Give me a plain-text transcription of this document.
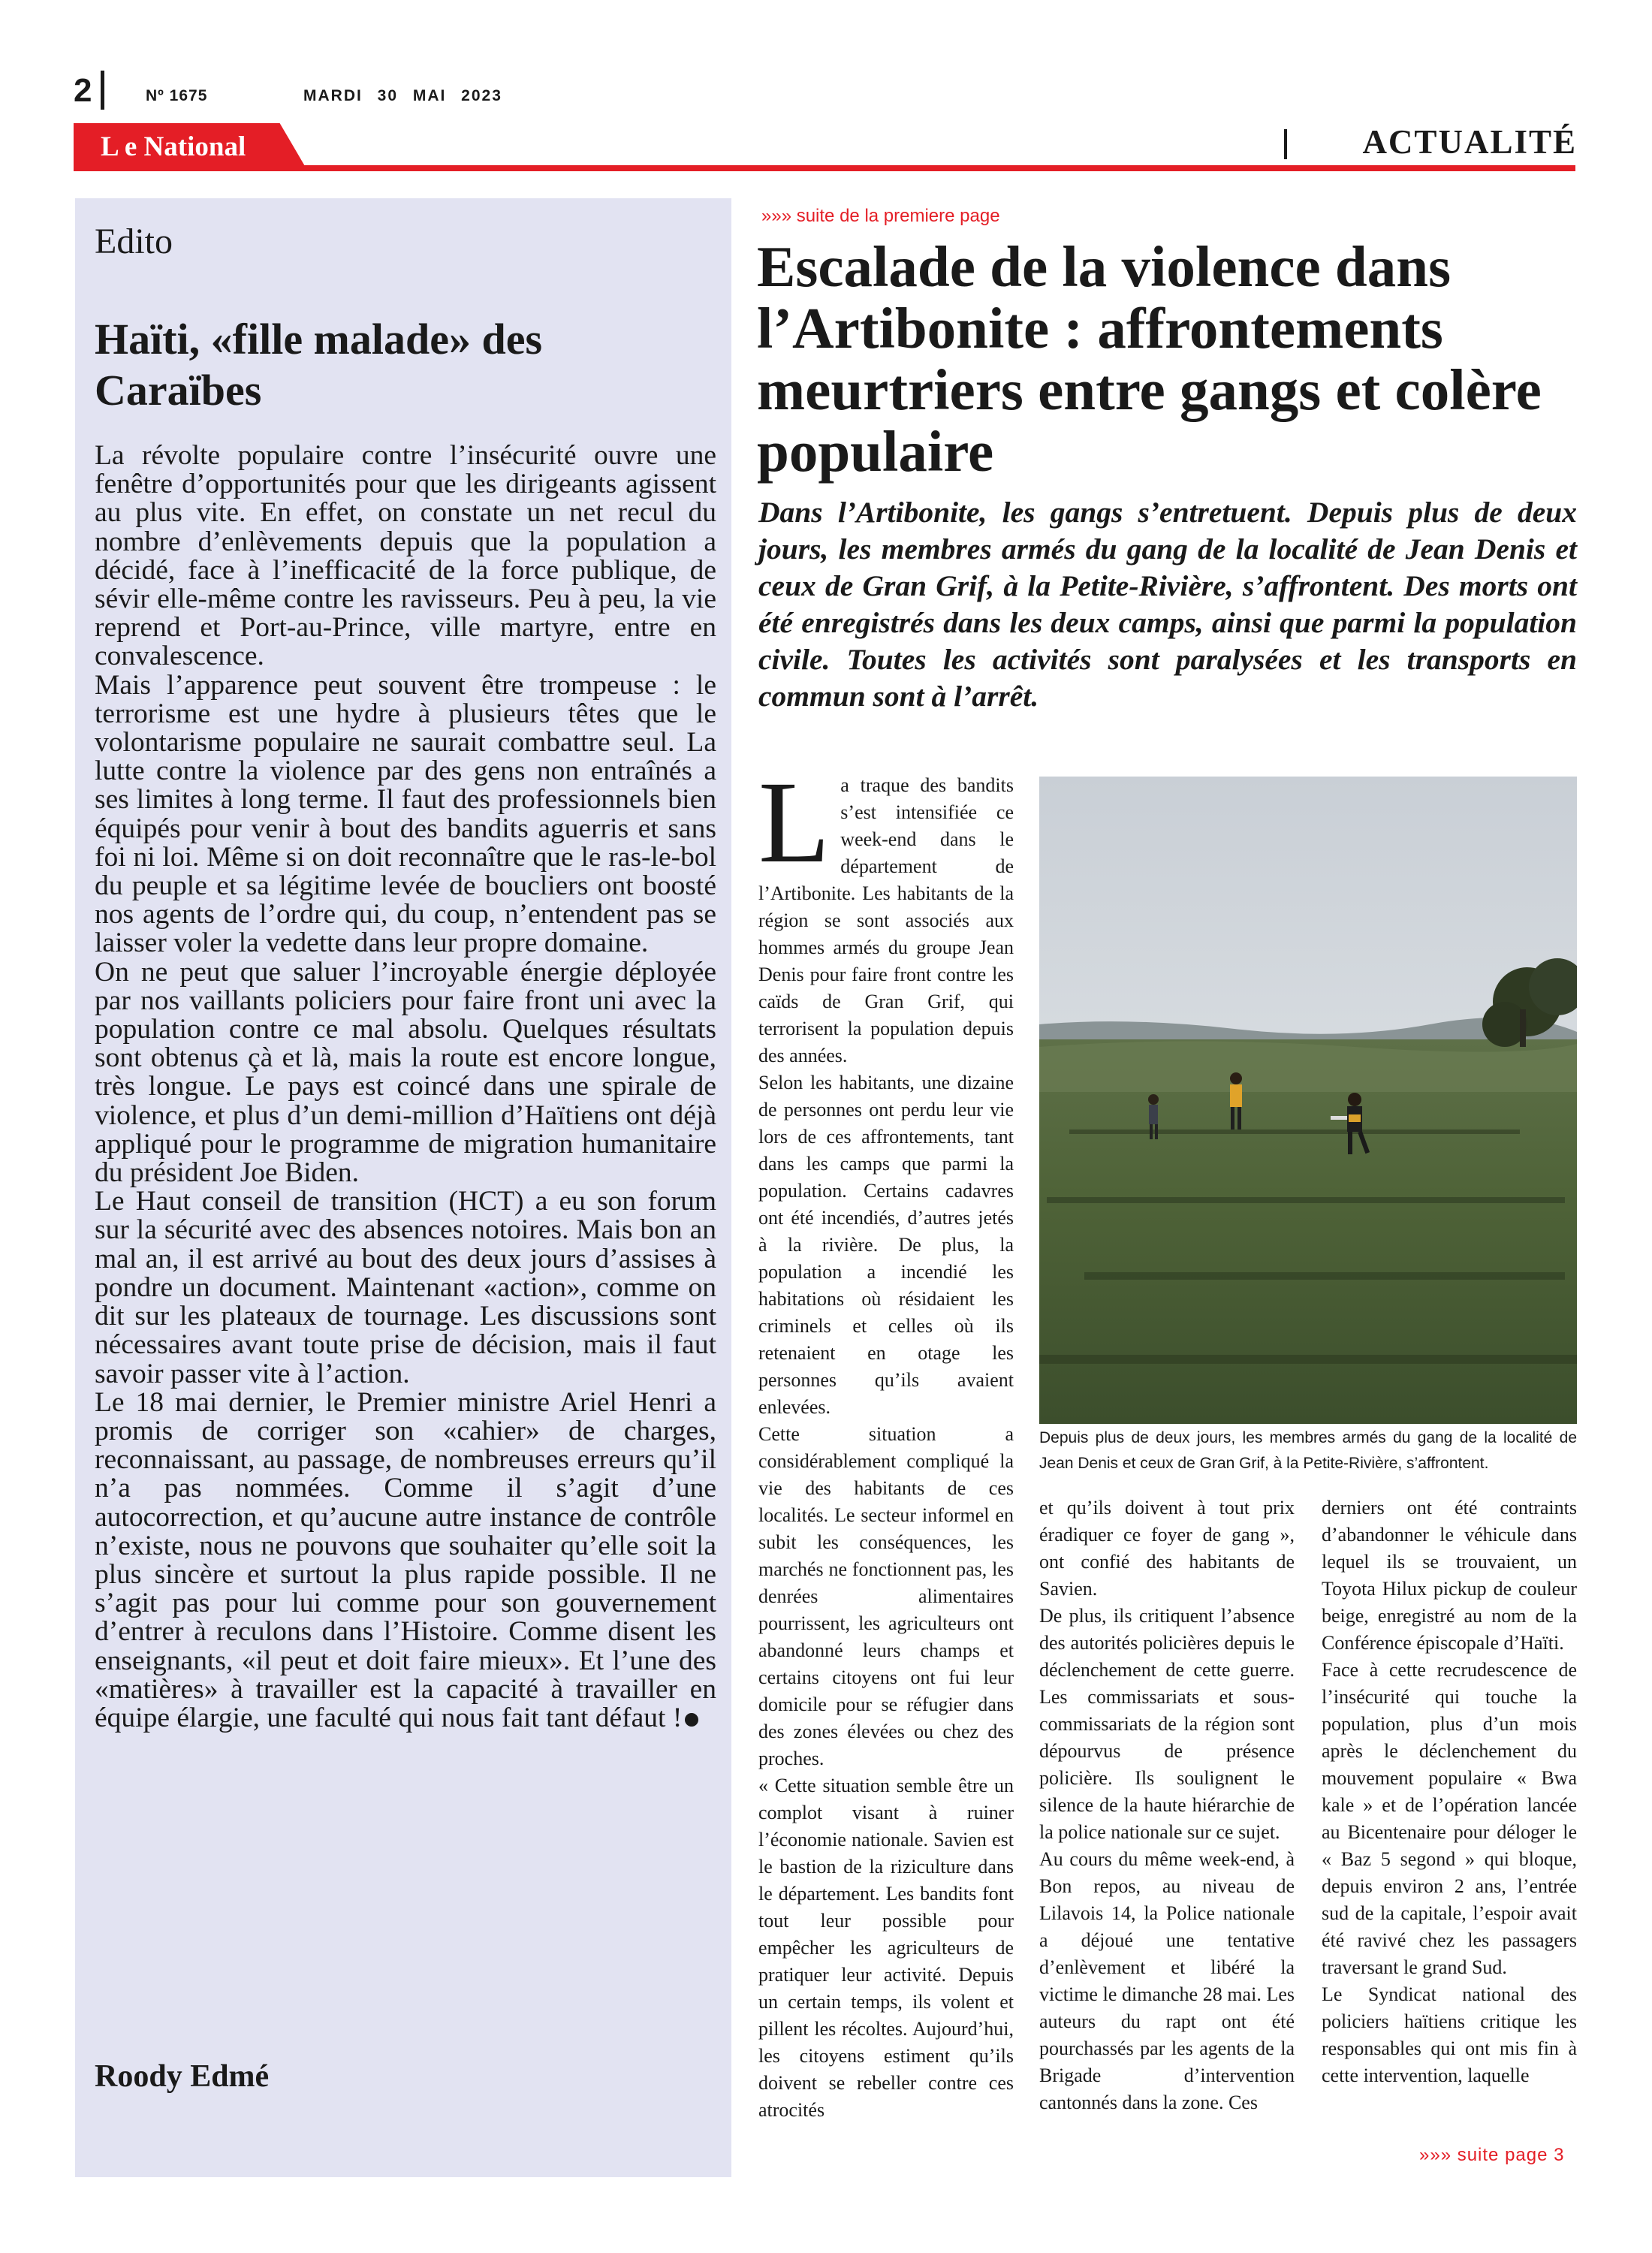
2	Nº 1675	MARDI 30 MAI 2023
L e National	ACTUALITÉ
Edito
Haïti, «fille malade» des Caraïbes

La révolte populaire contre l’insécurité ouvre une fenêtre d’opportunités pour que les dirigeants agissent au plus vite. En effet, on constate un net recul du nombre d’enlèvements depuis que la population a décidé, face à l’inefficacité de la force publique, de sévir elle-même contre les ravisseurs. Peu à peu, la vie reprend et Port-au-Prince, ville martyre, entre en convalescence.

Mais l’apparence peut souvent être trompeuse : le terrorisme est une hydre à plusieurs têtes que le volontarisme populaire ne saurait combattre seul. La lutte contre la violence par des gens non entraînés a ses limites à long terme. Il faut des professionnels bien équipés pour venir à bout des bandits aguerris et sans foi ni loi. Même si on doit reconnaître que le ras-le-bol du peuple et sa légitime levée de boucliers ont boosté nos agents de l’ordre qui, du coup, n’entendent pas se laisser voler la vedette dans leur propre domaine.

On ne peut que saluer l’incroyable énergie déployée par nos vaillants policiers pour faire front uni avec la population contre ce mal absolu. Quelques résultats sont obtenus çà et là, mais la route est encore longue, très longue. Le pays est coincé dans une spirale de violence, et plus d’un demi-million d’Haïtiens ont déjà appliqué pour le programme de migration humanitaire du président Joe Biden.

Le Haut conseil de transition (HCT) a eu son forum sur la sécurité avec des absences notoires. Mais bon an mal an, il est arrivé au bout des deux jours d’assises à pondre un document. Maintenant «action», comme on dit sur les plateaux de tournage. Les discussions sont nécessaires avant toute prise de décision, mais il faut savoir passer vite à l’action.

Le 18 mai dernier, le Premier ministre Ariel Henri a promis de corriger son «cahier» de charges, reconnaissant, au passage, de nombreuses erreurs qu’il n’a pas nommées. Comme il s’agit d’une autocorrection, et qu’aucune autre instance de contrôle n’existe, nous ne pouvons que souhaiter qu’elle soit la plus sincère et surtout la plus rapide possible. Il ne s’agit pas pour lui comme pour son gouvernement d’entrer à reculons dans l’Histoire. Comme disent les enseignants, «il peut et doit faire mieux». Et l’une des «matières» à travailler est la capacité à travailler en équipe élargie, une faculté qui nous fait tant défaut !

Roody Edmé
»»» suite de la premiere page
Escalade de la violence dans l’Artibonite : affrontements meurtriers entre gangs et colère populaire

Dans l’Artibonite, les gangs s’entretuent. Depuis plus de deux jours, les membres armés du gang de la localité de Jean Denis et ceux de Gran Grif, à la Petite-Rivière, s’affrontent. Des morts ont été enregistrés dans les deux camps, ainsi que parmi la population civile. Toutes les activités sont paralysées et les transports en commun sont à l’arrêt.

La traque des bandits s’est intensifiée ce week-end dans le département de l’Artibonite. Les habitants de la région se sont associés aux hommes armés du groupe Jean Denis pour faire front contre les caïds de Gran Grif, qui terrorisent la population depuis des années.

Selon les habitants, une dizaine de personnes ont perdu leur vie lors de ces affrontements, tant dans les camps que parmi la population. Certains cadavres ont été incendiés, d’autres jetés à la rivière. De plus, la population a incendié les habitations où résidaient les criminels et celles où ils retenaient en otage les personnes qu’ils avaient enlevées.

Cette situation a considérablement compliqué la vie des habitants de ces localités. Le secteur informel en subit les conséquences, les marchés ne fonctionnent pas, les denrées alimentaires pourrissent, les agriculteurs ont abandonné leurs champs et certains citoyens ont fui leur domicile pour se réfugier dans des zones élevées ou chez des proches.

« Cette situation semble être un complot visant à ruiner l’économie nationale. Savien est le bastion de la riziculture dans le département. Les bandits font tout leur possible pour empêcher les agriculteurs de pratiquer leur activité. Depuis un certain temps, ils volent et pillent les récoltes. Aujourd’hui, les citoyens estiment qu’ils doivent se rebeller contre ces atrocités

Depuis plus de deux jours, les membres armés du gang de la localité de Jean Denis et ceux de Gran Grif, à la Petite-Rivière, s’affrontent.

et qu’ils doivent à tout prix éradiquer ce foyer de gang », ont confié des habitants de Savien.

De plus, ils critiquent l’absence des autorités policières depuis le déclenchement de cette guerre. Les commissariats et sous-commissariats de la région sont dépourvus de présence policière. Ils soulignent le silence de la haute hiérarchie de la police nationale sur ce sujet.

Au cours du même week-end, à Bon repos, au niveau de Lilavois 14, la Police nationale a déjoué une tentative d’enlèvement et libéré la victime le dimanche 28 mai. Les auteurs du rapt ont été pourchassés par les agents de la Brigade d’intervention cantonnés dans la zone. Ces

derniers ont été contraints d’abandonner le véhicule dans lequel ils se trouvaient, un Toyota Hilux pickup de couleur beige, enregistré au nom de la Conférence épiscopale d’Haïti.

Face à cette recrudescence de l’insécurité qui touche la population, plus d’un mois après le déclenchement du mouvement populaire « Bwa kale » et de l’opération lancée au Bicentenaire pour déloger le « Baz 5 segond » qui bloque, depuis environ 2 ans, l’entrée sud de la capitale, l’espoir avait été ravivé chez les passagers traversant le grand Sud.

Le Syndicat national des policiers haïtiens critique les responsables qui ont mis fin à cette intervention, laquelle

»»» suite page 3
